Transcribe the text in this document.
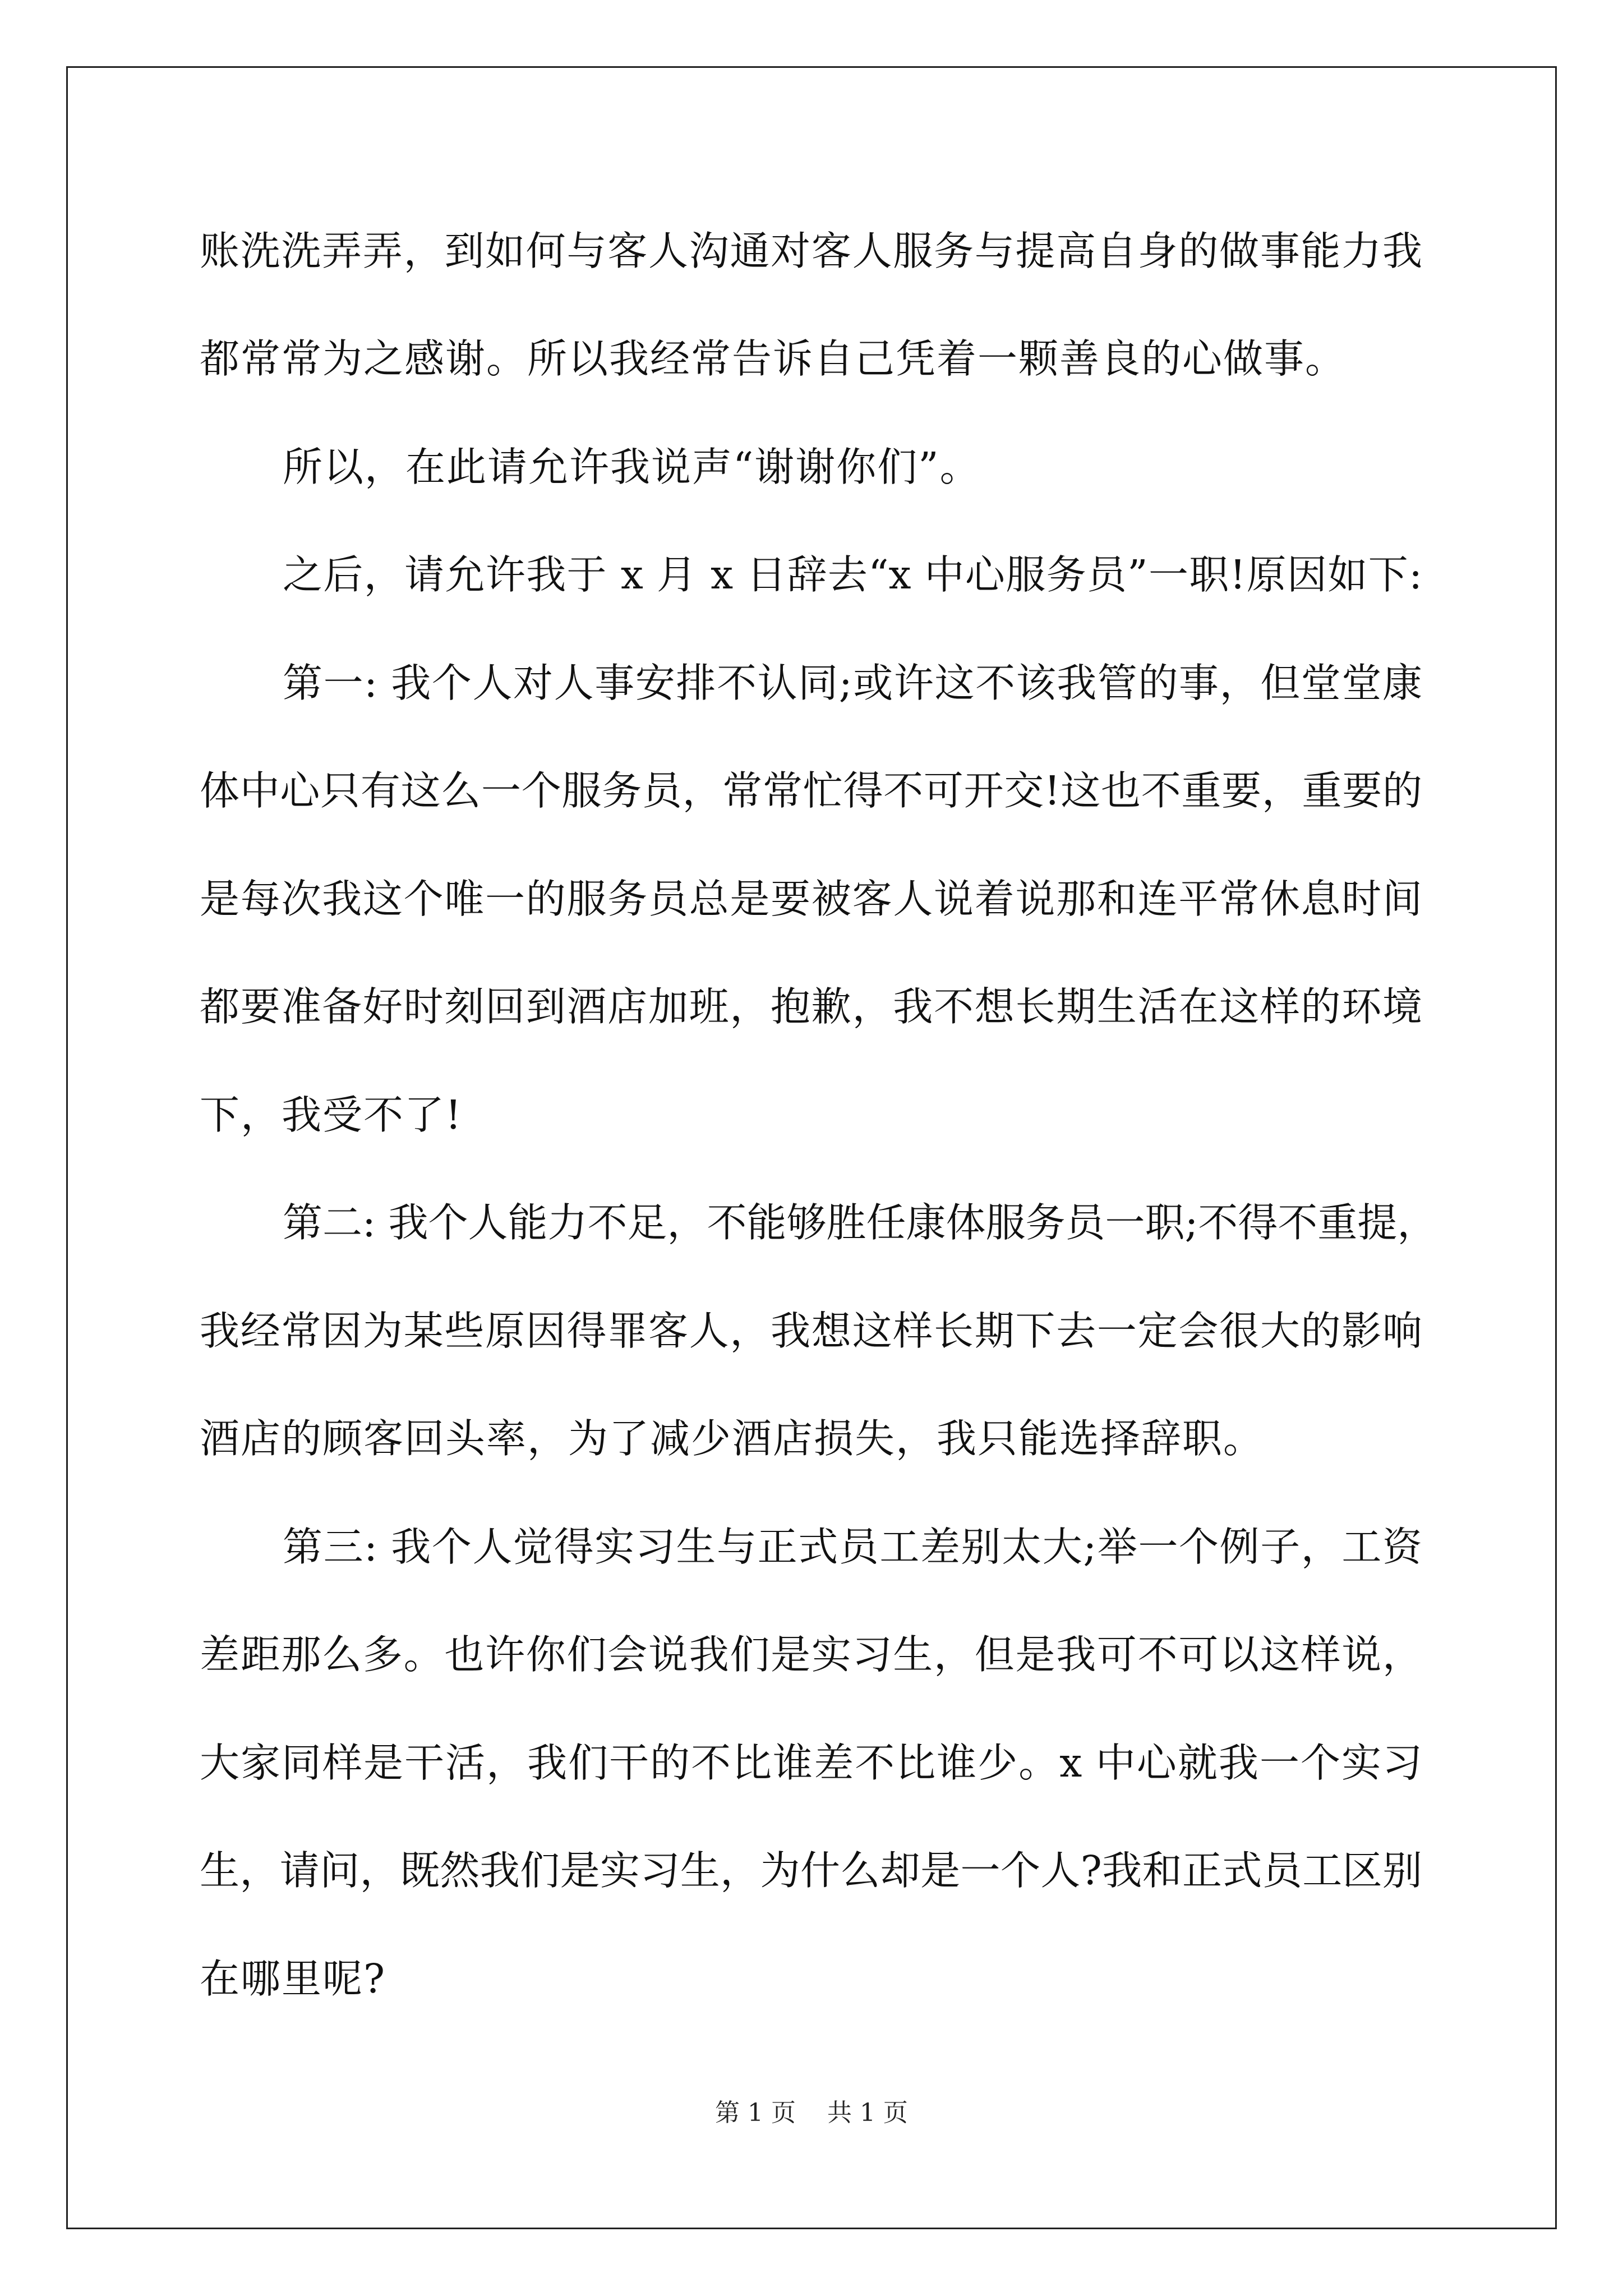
账洗洗弄弄，到如何与客人沟通对客人服务与提高自身的做事能力我
都常常为之感谢。所以我经常告诉自己凭着一颗善良的心做事。
所以，在此请允许我说声“谢谢你们”。
之后，请允许我于 x 月 x 日辞去“x 中心服务员”一职!原因如下:
第一: 我个人对人事安排不认同;或许这不该我管的事，但堂堂康
体中心只有这么一个服务员，常常忙得不可开交!这也不重要，重要的
是每次我这个唯一的服务员总是要被客人说着说那和连平常休息时间
都要准备好时刻回到酒店加班，抱歉，我不想长期生活在这样的环境
下，我受不了!
第二: 我个人能力不足，不能够胜任康体服务员一职;不得不重提，
我经常因为某些原因得罪客人，我想这样长期下去一定会很大的影响
酒店的顾客回头率，为了减少酒店损失，我只能选择辞职。
第三: 我个人觉得实习生与正式员工差别太大;举一个例子，工资
差距那么多。也许你们会说我们是实习生，但是我可不可以这样说，
大家同样是干活，我们干的不比谁差不比谁少。x 中心就我一个实习
生，请问，既然我们是实习生，为什么却是一个人?我和正式员工区别
在哪里呢?
第 1 页    共 1 页
